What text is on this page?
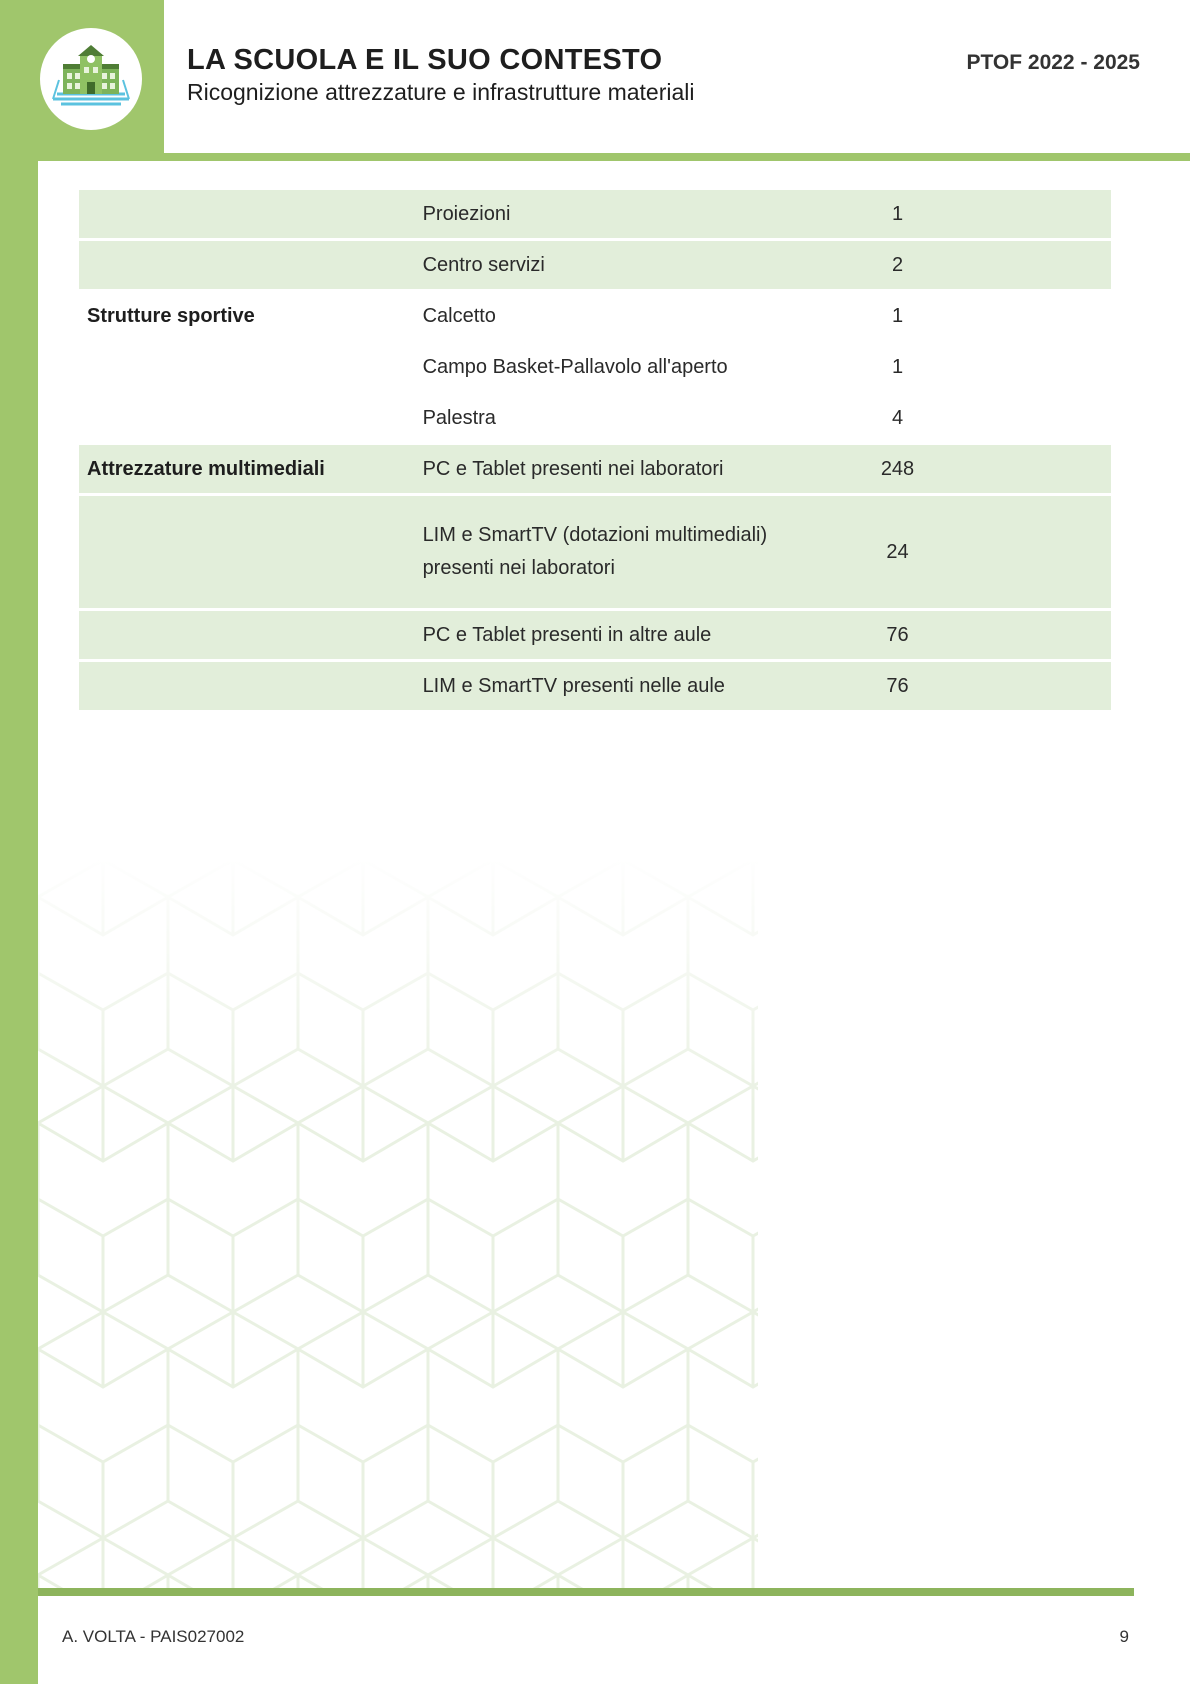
LA SCUOLA E IL SUO CONTESTO

Ricognizione attrezzature e infrastrutture materiali

PTOF 2022 - 2025
	Proiezioni	1	
	Centro servizi	2	
Strutture sportive	Calcetto	1	
	Campo Basket-Pallavolo all'aperto	1	
	Palestra	4	
Attrezzature multimediali	PC e Tablet presenti nei laboratori	248	
	LIM e SmartTV (dotazioni multimediali) presenti nei laboratori	24	
	PC e Tablet presenti in altre aule	76	
	LIM e SmartTV presenti nelle aule	76	
A. VOLTA - PAIS027002	9
